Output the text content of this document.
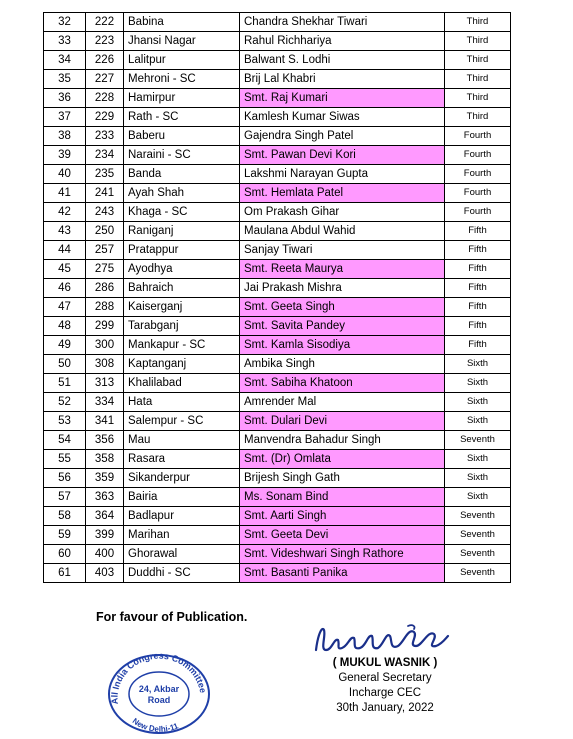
32	222	Babina	Chandra Shekhar Tiwari	Third
33	223	Jhansi Nagar	Rahul Richhariya	Third
34	226	Lalitpur	Balwant S. Lodhi	Third
35	227	Mehroni - SC	Brij Lal Khabri	Third
36	228	Hamirpur	Smt. Raj Kumari	Third
37	229	Rath - SC	Kamlesh Kumar Siwas	Third
38	233	Baberu	Gajendra Singh Patel	Fourth
39	234	Naraini - SC	Smt. Pawan Devi Kori	Fourth
40	235	Banda	Lakshmi Narayan Gupta	Fourth
41	241	Ayah Shah	Smt. Hemlata Patel	Fourth
42	243	Khaga - SC	Om Prakash Gihar	Fourth
43	250	Raniganj	Maulana Abdul Wahid	Fifth
44	257	Pratappur	Sanjay Tiwari	Fifth
45	275	Ayodhya	Smt. Reeta Maurya	Fifth
46	286	Bahraich	Jai Prakash Mishra	Fifth
47	288	Kaiserganj	Smt. Geeta Singh	Fifth
48	299	Tarabganj	Smt. Savita Pandey	Fifth
49	300	Mankapur - SC	Smt. Kamla Sisodiya	Fifth
50	308	Kaptanganj	Ambika Singh	Sixth
51	313	Khalilabad	Smt. Sabiha Khatoon	Sixth
52	334	Hata	Amrender Mal	Sixth
53	341	Salempur - SC	Smt. Dulari Devi	Sixth
54	356	Mau	Manvendra Bahadur Singh	Seventh
55	358	Rasara	Smt. (Dr) Omlata	Sixth
56	359	Sikanderpur	Brijesh Singh Gath	Sixth
57	363	Bairia	Ms. Sonam Bind	Sixth
58	364	Badlapur	Smt. Aarti Singh	Seventh
59	399	Marihan	Smt. Geeta Devi	Seventh
60	400	Ghorawal	Smt. Videshwari Singh Rathore	Seventh
61	403	Duddhi - SC	Smt. Basanti Panika	Seventh
For favour of Publication.
All India Congress Committee
New Delhi-11
24, Akbar
Road
( MUKUL WASNIK )
General Secretary
Incharge CEC
30th January, 2022
